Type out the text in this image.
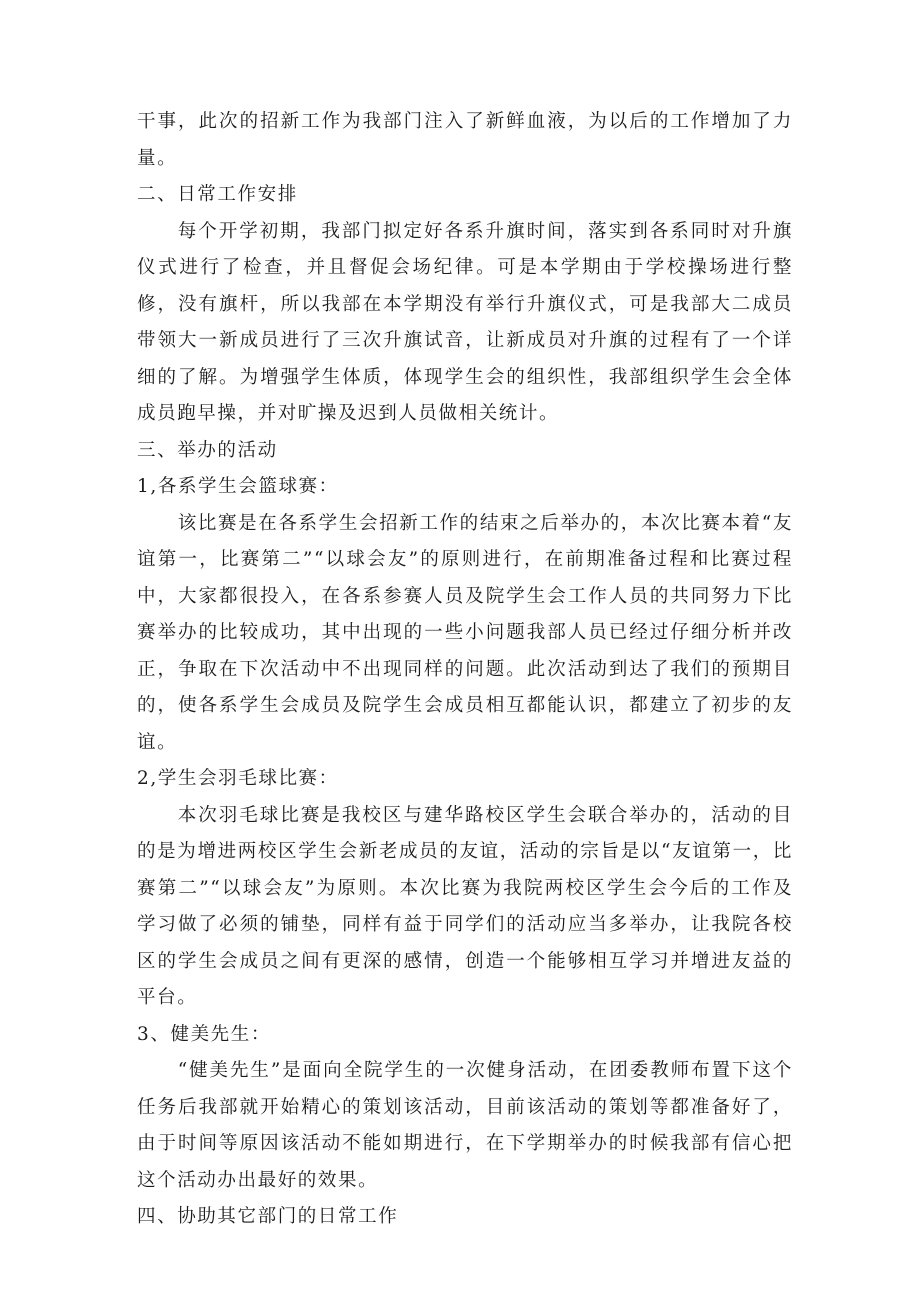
干事，此次的招新工作为我部门注入了新鲜血液，为以后的工作增加了力量。

二、日常工作安排

每个开学初期，我部门拟定好各系升旗时间，落实到各系同时对升旗仪式进行了检查，并且督促会场纪律。可是本学期由于学校操场进行整修，没有旗杆，所以我部在本学期没有举行升旗仪式，可是我部大二成员带领大一新成员进行了三次升旗试音，让新成员对升旗的过程有了一个详细的了解。为增强学生体质，体现学生会的组织性，我部组织学生会全体成员跑早操，并对旷操及迟到人员做相关统计。

三、举办的活动

1,各系学生会篮球赛：

该比赛是在各系学生会招新工作的结束之后举办的，本次比赛本着“友谊第一，比赛第二”“以球会友”的原则进行，在前期准备过程和比赛过程中，大家都很投入，在各系参赛人员及院学生会工作人员的共同努力下比赛举办的比较成功，其中出现的一些小问题我部人员已经过仔细分析并改正，争取在下次活动中不出现同样的问题。此次活动到达了我们的预期目的，使各系学生会成员及院学生会成员相互都能认识，都建立了初步的友谊。

2,学生会羽毛球比赛：

本次羽毛球比赛是我校区与建华路校区学生会联合举办的，活动的目的是为增进两校区学生会新老成员的友谊，活动的宗旨是以“友谊第一，比赛第二”“以球会友”为原则。本次比赛为我院两校区学生会今后的工作及学习做了必须的铺垫，同样有益于同学们的活动应当多举办，让我院各校区的学生会成员之间有更深的感情，创造一个能够相互学习并增进友益的平台。

3、健美先生：

“健美先生”是面向全院学生的一次健身活动，在团委教师布置下这个任务后我部就开始精心的策划该活动，目前该活动的策划等都准备好了，由于时间等原因该活动不能如期进行，在下学期举办的时候我部有信心把这个活动办出最好的效果。

四、协助其它部门的日常工作
